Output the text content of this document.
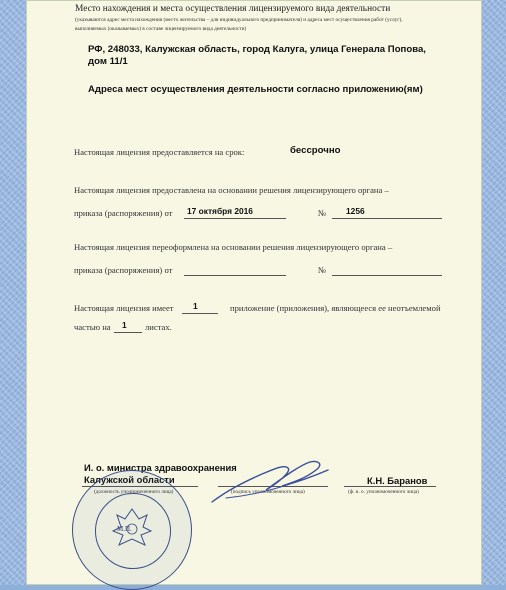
Место нахождения и места осуществления лицензируемого вида деятельности
(указываются адрес места нахождения (место жительства – для индивидуального предпринимателя) и адреса мест осуществления работ (услуг),
выполняемых (оказываемых) в составе лицензируемого вида деятельности)
РФ, 248033, Калужская область, город Калуга, улица Генерала Попова,
дом 11/1
Адреса мест осуществления деятельности согласно приложению(ям)
Настоящая лицензия предоставляется на срок:	бессрочно
Настоящая лицензия предоставлена на основании решения лицензирующего органа –
приказа (распоряжения) от 17 октября 2016	№ 1256
Настоящая лицензия переоформлена на основании решения лицензирующего органа –
приказа (распоряжения) от	№
Настоящая лицензия имеет 1	приложение (приложения), являющееся ее неотъемлемой
частью на 1 листах.
И. о. министра здравоохранения
Калужской области
(должность уполномоченного лица)	(подпись уполномоченного лица)
К.Н. Баранов
(ф. и. о. уполномоченного лица)
М.П.
